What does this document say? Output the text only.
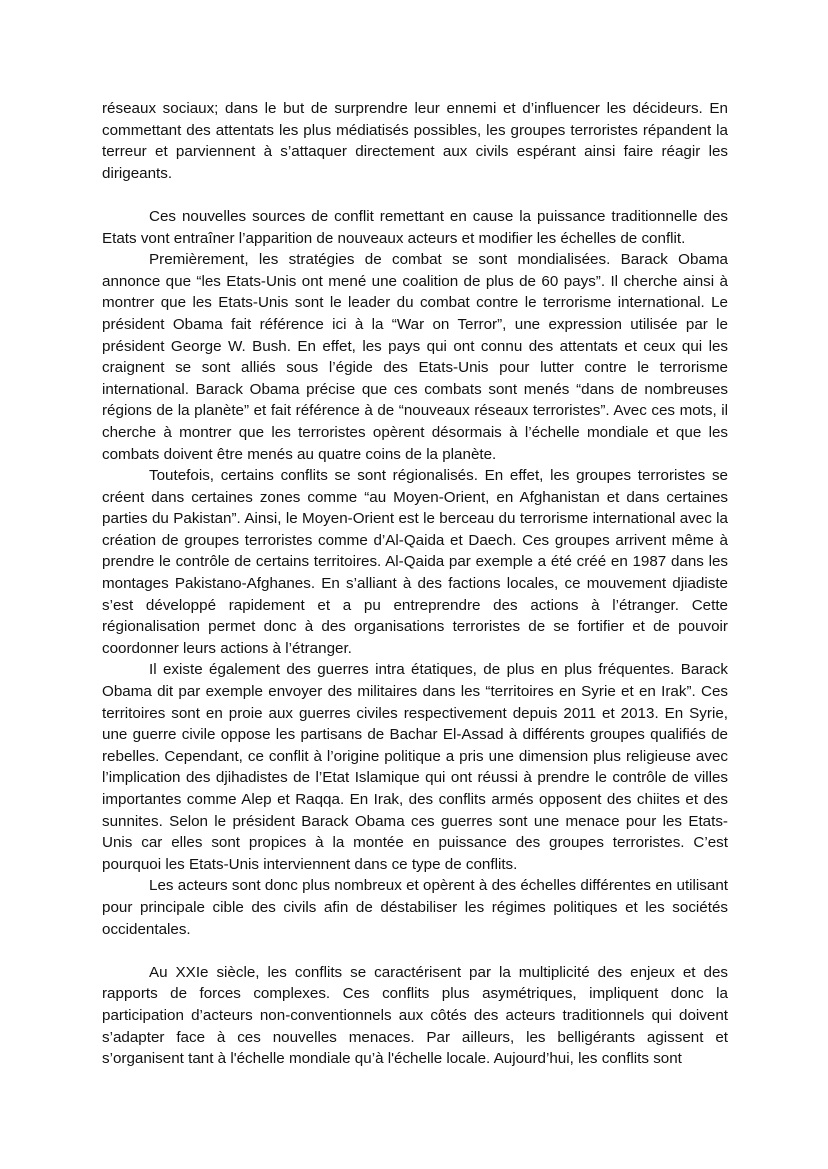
réseaux sociaux; dans le but de surprendre leur ennemi et d’influencer les décideurs. En commettant des attentats les plus médiatisés possibles, les groupes terroristes répandent la terreur et parviennent à s’attaquer directement aux civils espérant ainsi faire réagir les dirigeants.

Ces nouvelles sources de conflit remettant en cause la puissance traditionnelle des Etats vont entraîner l’apparition de nouveaux acteurs et modifier les échelles de conflit.

Premièrement, les stratégies de combat se sont mondialisées. Barack Obama annonce que “les Etats-Unis ont mené une coalition de plus de 60 pays”. Il cherche ainsi à montrer que les Etats-Unis sont le leader du combat contre le terrorisme international. Le président Obama fait référence ici à la “War on Terror”, une expression utilisée par le président George W. Bush. En effet, les pays qui ont connu des attentats et ceux qui les craignent se sont alliés sous l’égide des Etats-Unis pour lutter contre le terrorisme international. Barack Obama précise que ces combats sont menés “dans de nombreuses régions de la planète” et fait référence à de “nouveaux réseaux terroristes”. Avec ces mots, il cherche à montrer que les terroristes opèrent désormais à l’échelle mondiale et que les combats doivent être menés au quatre coins de la planète.

Toutefois, certains conflits se sont régionalisés. En effet, les groupes terroristes se créent dans certaines zones comme “au Moyen-Orient, en Afghanistan et dans certaines parties du Pakistan”. Ainsi, le Moyen-Orient est le berceau du terrorisme international avec la création de groupes terroristes comme d’Al-Qaida et Daech. Ces groupes arrivent même à prendre le contrôle de certains territoires. Al-Qaida par exemple a été créé en 1987 dans les montages Pakistano-Afghanes. En s’alliant à des factions locales, ce mouvement djiadiste s’est développé rapidement et a pu entreprendre des actions à l’étranger. Cette régionalisation permet donc à des organisations terroristes de se fortifier et de pouvoir coordonner leurs actions à l’étranger.

Il existe également des guerres intra étatiques, de plus en plus fréquentes. Barack Obama dit par exemple envoyer des militaires dans les “territoires en Syrie et en Irak”. Ces territoires sont en proie aux guerres civiles respectivement depuis 2011 et 2013. En Syrie, une guerre civile oppose les partisans de Bachar El-Assad à différents groupes qualifiés de rebelles. Cependant, ce conflit à l’origine politique a pris une dimension plus religieuse avec l’implication des djihadistes de l’Etat Islamique qui ont réussi à prendre le contrôle de villes importantes comme Alep et Raqqa. En Irak, des conflits armés opposent des chiites et des sunnites. Selon le président Barack Obama ces guerres sont une menace pour les Etats-Unis car elles sont propices à la montée en puissance des groupes terroristes. C’est pourquoi les Etats-Unis interviennent dans ce type de conflits.

Les acteurs sont donc plus nombreux et opèrent à des échelles différentes en utilisant pour principale cible des civils afin de déstabiliser les régimes politiques et les sociétés occidentales.

Au XXIe siècle, les conflits se caractérisent par la multiplicité des enjeux et des rapports de forces complexes. Ces conflits plus asymétriques, impliquent donc la participation d’acteurs non-conventionnels aux côtés des acteurs traditionnels qui doivent s’adapter face à ces nouvelles menaces. Par ailleurs, les belligérants agissent et s’organisent tant à l'échelle mondiale qu’à l'échelle locale. Aujourd’hui, les conflits sont
